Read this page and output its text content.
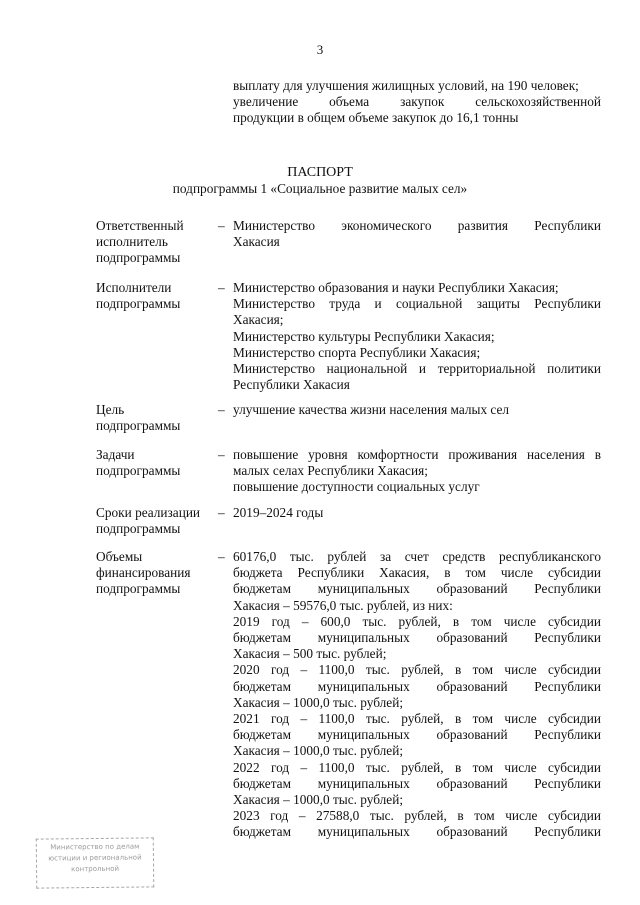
3
выплату для улучшения жилищных условий, на 190 человек;
увеличение объема закупок сельскохозяйственной
продукции в общем объеме закупок до 16,1 тонны
ПАСПОРТ
подпрограммы 1 «Социальное развитие малых сел»
Ответственный
исполнитель
подпрограммы
– Министерство экономического развития Республики
Хакасия
Исполнители
подпрограммы
– Министерство образования и науки Республики Хакасия;
Министерство труда и социальной защиты Республики
Хакасия;
Министерство культуры Республики Хакасия;
Министерство спорта Республики Хакасия;
Министерство национальной и территориальной политики
Республики Хакасия
Цель
подпрограммы
– улучшение качества жизни населения малых сел
Задачи
подпрограммы
– повышение уровня комфортности проживания населения в
малых селах Республики Хакасия;
повышение доступности социальных услуг
Сроки реализации
подпрограммы
– 2019–2024 годы
Объемы
финансирования
подпрограммы
– 60176,0 тыс. рублей за счет средств республиканского
бюджета Республики Хакасия, в том числе субсидии
бюджетам муниципальных образований Республики
Хакасия – 59576,0 тыс. рублей, из них:
2019 год – 600,0 тыс. рублей, в том числе субсидии
бюджетам муниципальных образований Республики
Хакасия – 500 тыс. рублей;
2020 год – 1100,0 тыс. рублей, в том числе субсидии
бюджетам муниципальных образований Республики
Хакасия – 1000,0 тыс. рублей;
2021 год – 1100,0 тыс. рублей, в том числе субсидии
бюджетам муниципальных образований Республики
Хакасия – 1000,0 тыс. рублей;
2022 год – 1100,0 тыс. рублей, в том числе субсидии
бюджетам муниципальных образований Республики
Хакасия – 1000,0 тыс. рублей;
2023 год – 27588,0 тыс. рублей, в том числе субсидии
бюджетам муниципальных образований Республики
Министерство по делам
юстиции и региональной
контрольной
